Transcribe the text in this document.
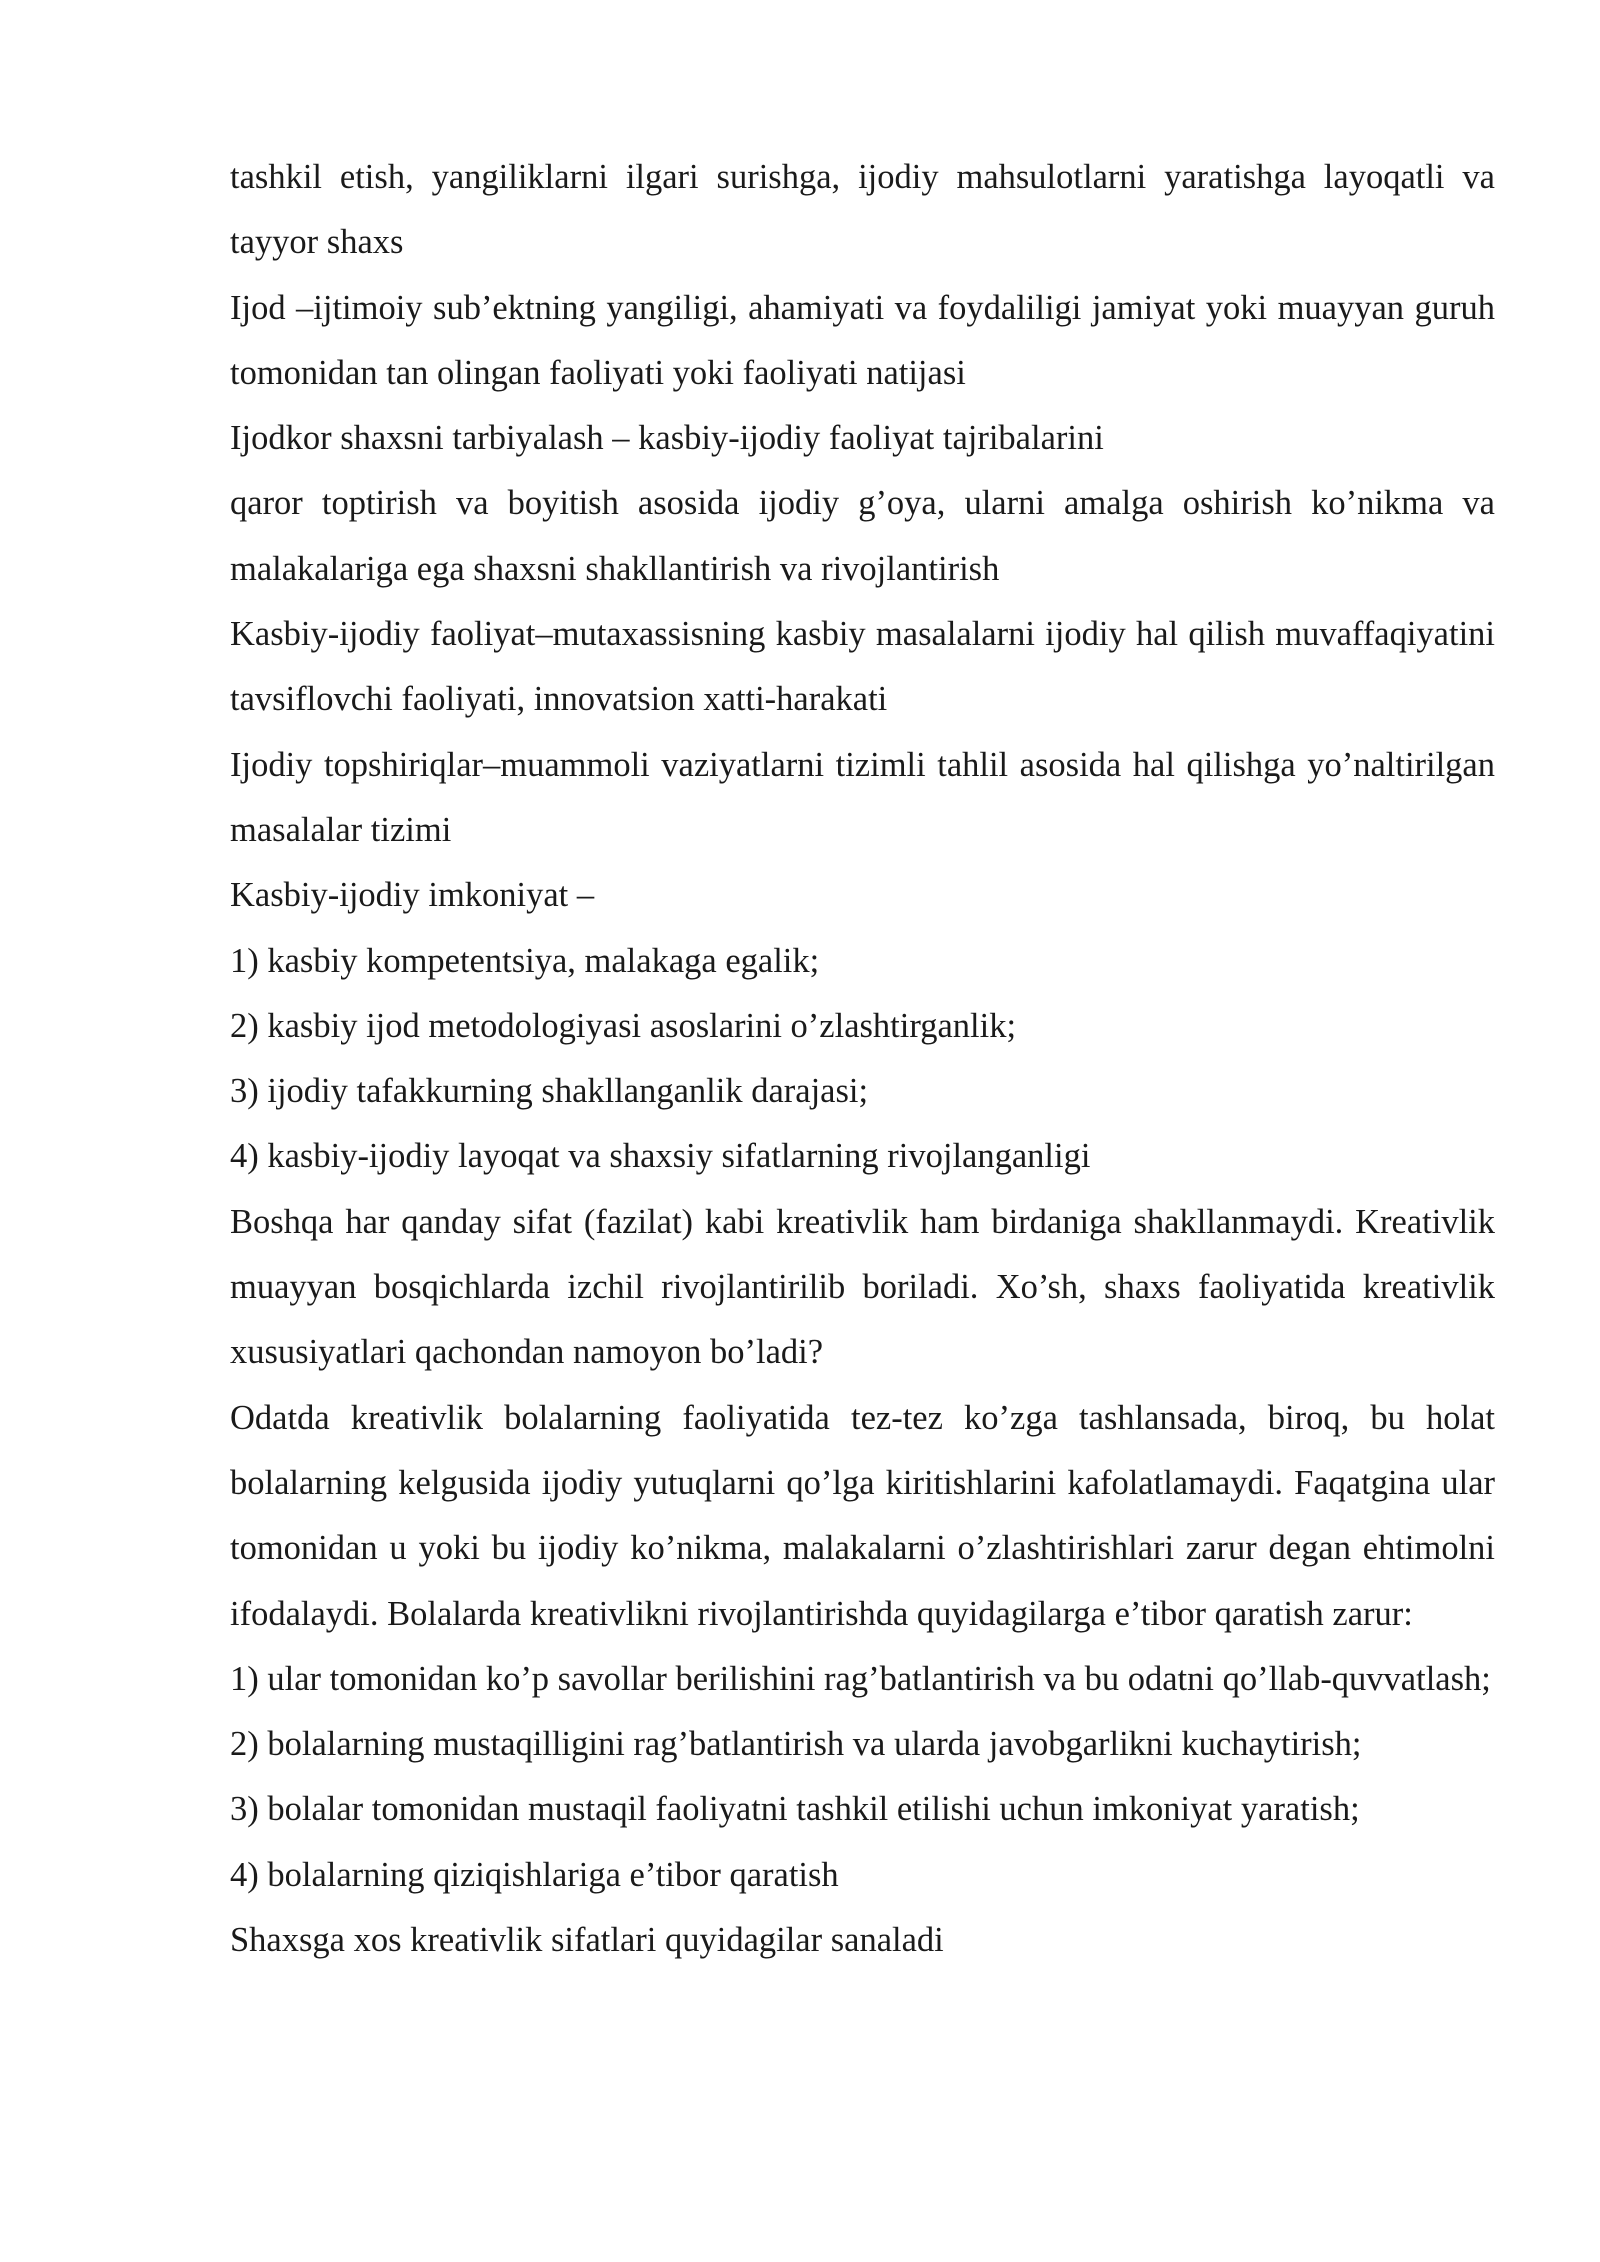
tashkil etish, yangiliklarni ilgari surishga, ijodiy mahsulotlarni yaratishga layoqatli va tayyor shaxs

Ijod –ijtimoiy sub’ektning yangiligi, ahamiyati va foydaliligi jamiyat yoki muayyan guruh tomonidan tan olingan faoliyati yoki faoliyati natijasi

Ijodkor shaxsni tarbiyalash – kasbiy-ijodiy faoliyat tajribalarini

qaror toptirish va boyitish asosida ijodiy g’oya, ularni amalga oshirish ko’nikma va malakalariga ega shaxsni shakllantirish va rivojlantirish

Kasbiy-ijodiy faoliyat–mutaxassisning kasbiy masalalarni ijodiy hal qilish muvaffaqiyatini tavsiflovchi faoliyati, innovatsion xatti-harakati

Ijodiy topshiriqlar–muammoli vaziyatlarni tizimli tahlil asosida hal qilishga yo’naltirilgan masalalar tizimi

Kasbiy-ijodiy imkoniyat –

1) kasbiy kompetentsiya, malakaga egalik;

2) kasbiy ijod metodologiyasi asoslarini o’zlashtirganlik;

3) ijodiy tafakkurning shakllanganlik darajasi;

4) kasbiy-ijodiy layoqat va shaxsiy sifatlarning rivojlanganligi

Boshqa har qanday sifat (fazilat) kabi kreativlik ham birdaniga shakllanmaydi. Kreativlik muayyan bosqichlarda izchil rivojlantirilib boriladi. Xo’sh, shaxs faoliyatida kreativlik xususiyatlari qachondan namoyon bo’ladi?

Odatda kreativlik bolalarning faoliyatida tez-tez ko’zga tashlansada, biroq, bu holat bolalarning kelgusida ijodiy yutuqlarni qo’lga kiritishlarini kafolatlamaydi. Faqatgina ular tomonidan u yoki bu ijodiy ko’nikma, malakalarni o’zlashtirishlari zarur degan ehtimolni ifodalaydi. Bolalarda kreativlikni rivojlantirishda quyidagilarga e’tibor qaratish zarur:

1) ular tomonidan ko’p savollar berilishini rag’batlantirish va bu odatni qo’llab-quvvatlash;

2) bolalarning mustaqilligini rag’batlantirish va ularda javobgarlikni kuchaytirish;

3) bolalar tomonidan mustaqil faoliyatni tashkil etilishi uchun imkoniyat yaratish;

4) bolalarning qiziqishlariga e’tibor qaratish

Shaxsga xos kreativlik sifatlari quyidagilar sanaladi
